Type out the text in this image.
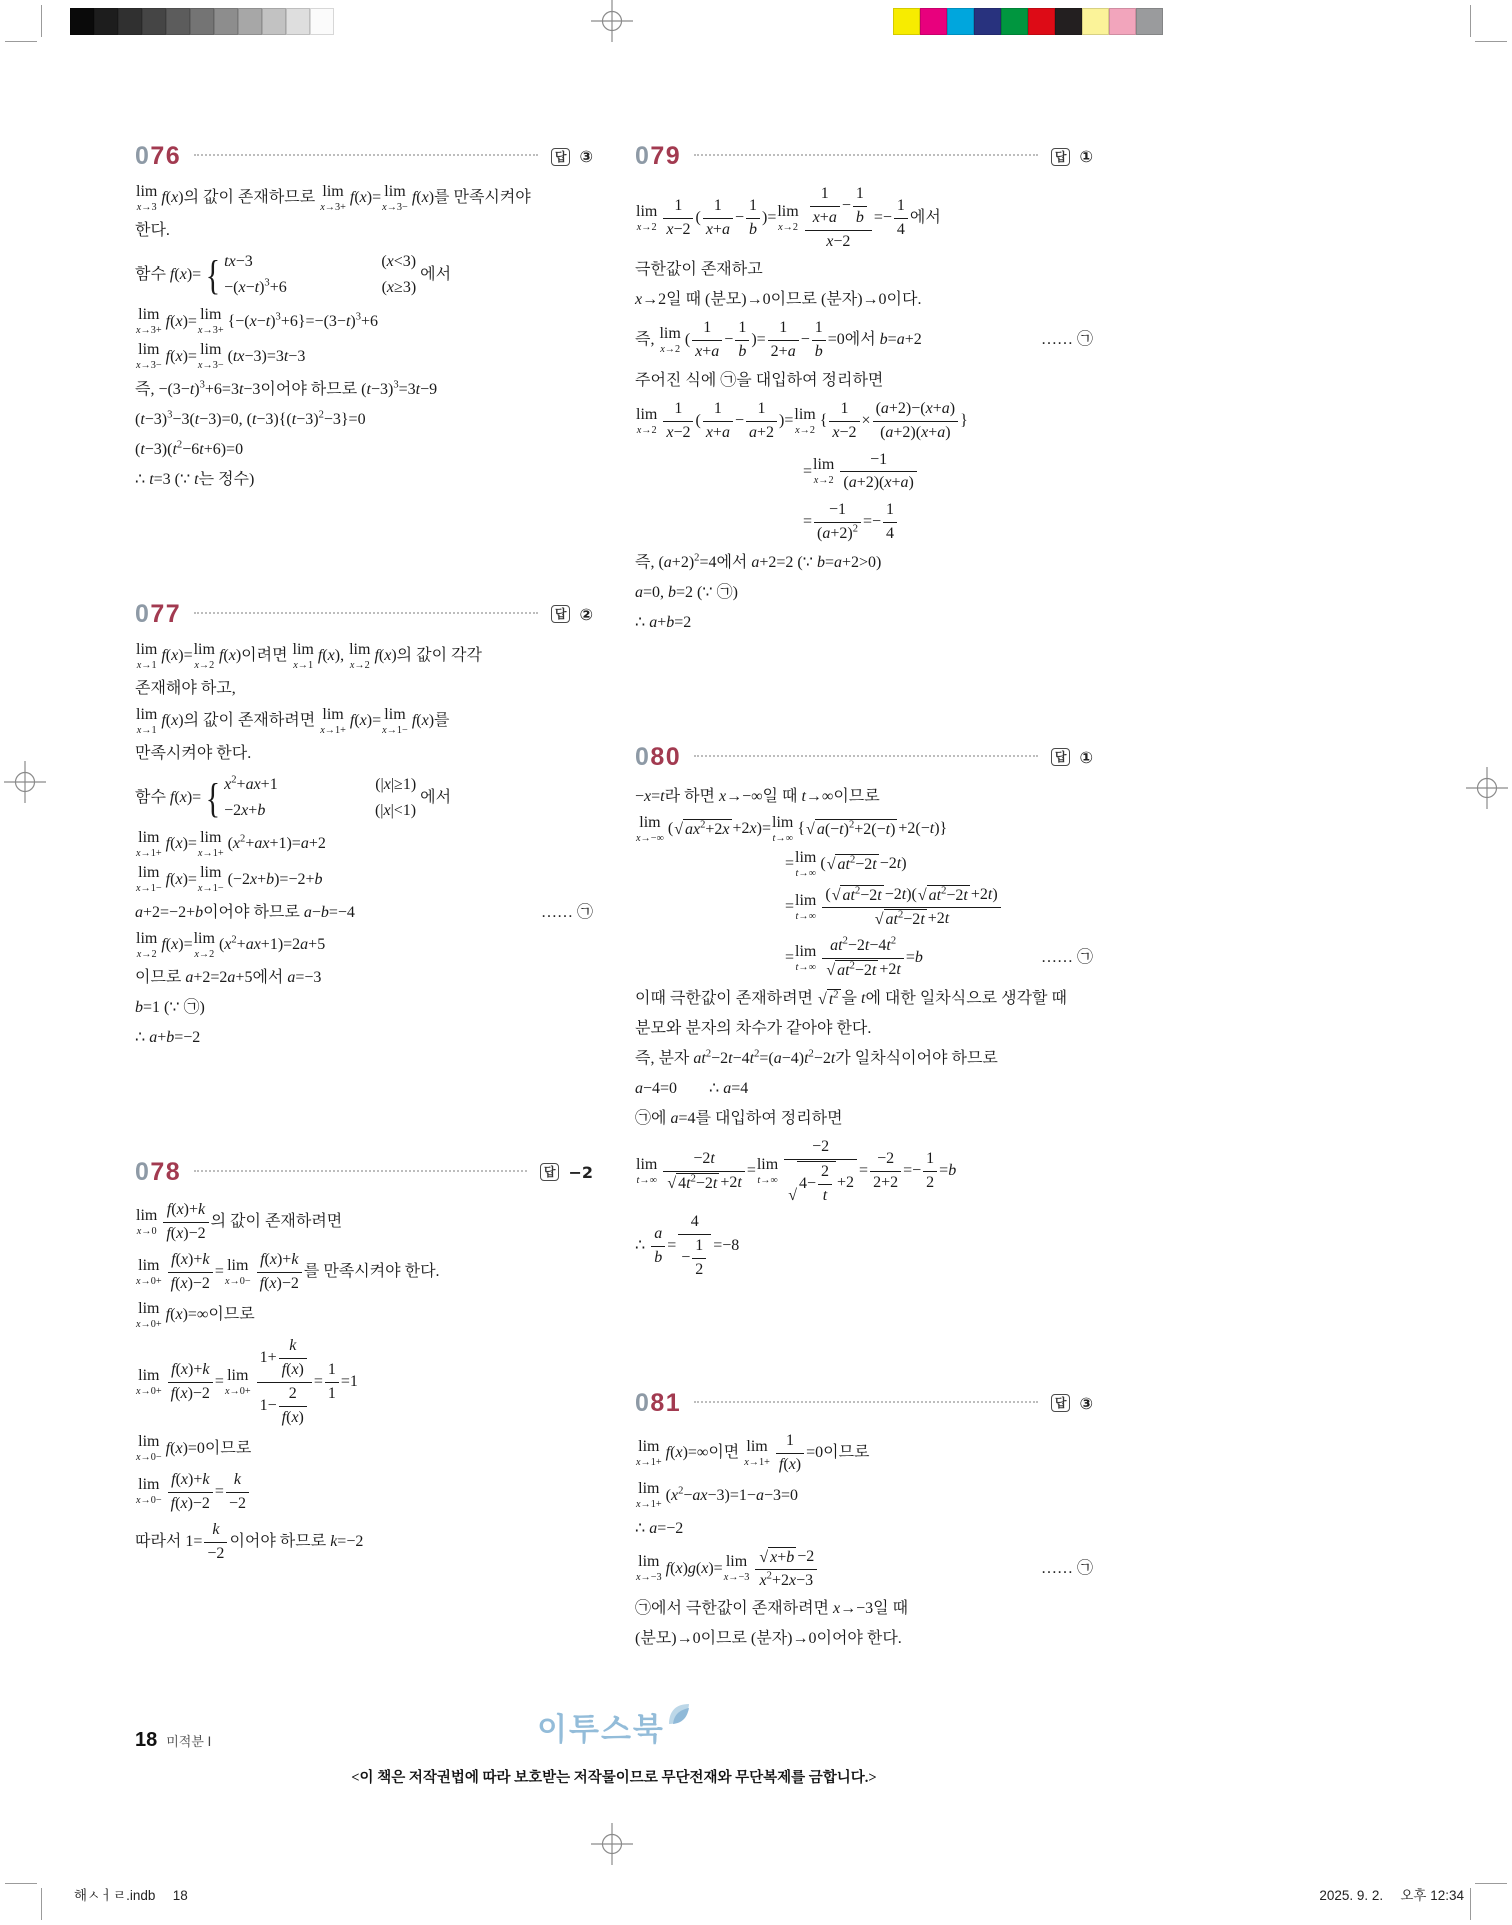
076	답 ③
lim
x→3
f(x)의 값이 존재하므로 lim
x→3+
f(x)= lim
x→3−
f(x)를 만족시켜야
한다.
함수 f(x)= { tx−3	(x<3)
$-(x-t)^3+6$	(x≥3)
에서
lim
x→3+
f(x)= lim
x→3+
$\{-(x-t)^3+6\}=-(3-t)^3+6$
lim
x→3−
f(x)= lim
x→3−
(tx−3)=3t−3
즉, $-(3-t)^3+6=3t-3$이어야 하므로 $(t-3)^3=3t-9$
$(t-3)^3-3(t-3)=0$, $(t-3)\{(t-3)^2-3\}=0$
$(t-3)(t^2-6t+6)=0$
∴ t=3 (∵ t는 정수)
077	답 ②
lim
x→1
f(x)= lim
x→2
f(x)이려면 lim
x→1
f(x), lim
x→2
f(x)의 값이 각각
존재해야 하고,
lim
x→1
f(x)의 값이 존재하려면 lim
x→1+
f(x)= lim
x→1−
f(x)를
만족시켜야 한다.
함수 f(x)= { $x^2+ax+1$	(|x|≥1)
−2x+b	(|x|<1)
에서
lim
x→1+
f(x)= lim
x→1+
$(x^2+ax+1)=a+2$
lim
x→1−
f(x)= lim
x→1−
(−2x+b)=−2+b
a+2=−2+b이어야 하므로 a−b=−4	…… ㉠
lim
x→2
f(x)= lim
x→2
$(x^2+ax+1)=2a+5$
이므로 a+2=2a+5에서 a=−3
b=1 (∵ ㉠)
∴ a+b=−2
078	답 −2
lim
$x\to 0 \frac{f(x)+k}{f(x)-2}$ 의 값이 존재하려면
lim
$x\to 0+ \frac{f(x)+k}{f(x)-2} = \lim$
$x\to 0- \frac{f(x)+k}{f(x)-2}$ 를 만족시켜야 한다.
lim
x→0+
f(x)=∞이므로
lim
$x\to 0+ \frac{f(x)+k}{f(x)-2} = \lim$
$x\to 0+ \frac{1+ \frac{k}{f(x)}}{1- \frac{2}{f(x)}} = \frac{1}{1} =1$
lim
x→0−
f(x)=0이므로
lim
$x\to 0- \frac{f(x)+k}{f(x)-2} = \frac{k}{-2}$
따라서 $1= \frac{k}{-2}$ 이어야 하므로 k=−2
079	답 ①
lim
$x\to 2 \frac{1}{x-2}$ ( $\frac{1}{x+a} - \frac{1}{b}$ )= lim
$x\to 2 \frac{\frac{1}{x+a} - \frac{1}{b}}{x-2} =- \frac{1}{4}$ 에서
극한값이 존재하고
x→2일 때 (분모)→0이므로 (분자)→0이다.
즉, lim
x→2
( $\frac{1}{x+a} - \frac{1}{b}$ )= $\frac{1}{2+a} - \frac{1}{b} =0$에서 b=a+2	…… ㉠
주어진 식에 ㉠을 대입하여 정리하면
lim
$x\to 2 \frac{1}{x-2}$ ( $\frac{1}{x+a} - \frac{1}{a+2}$ )= lim
x→2
{ $\frac{1}{x-2} \times \frac{(a+2)-(x+a)}{(a+2)(x+a)}$ }
= lim
$x\to 2 \frac{-1}{(a+2)(x+a)}$
= $\frac{-1}{(a+2)^2} =- \frac{1}{4}$
즉, $(a+2)^2=4$에서 a+2=2 (∵ b=a+2>0)
a=0, b=2 (∵ ㉠)
∴ a+b=2
080	답 ①
−x=t라 하면 x→−∞일 때 t→∞이므로
lim
x→−∞
( √ $ax^2+2x +2x)= \lim$
t→∞
{ √ $a(-t)^2+2(-t) +2(-t)$}
= lim
t→∞
( √ $at^2-2t -2t$)
= lim
$t\to\infty \frac{( √ at^2-2t -2t)( √ at^2-2t +2t)}{√ at^2-2t +2t}$
= lim
$t\to\infty \frac{at^2-2t-4t^2}{√ at^2-2t +2t} =b$	…… ㉠
이때 극한값이 존재하려면 √ $t^2$ 을 t에 대한 일차식으로 생각할 때
분모와 분자의 차수가 같아야 한다.
즉, 분자 $at^2-2t-4t^2=(a-4)t^2-2t$가 일차식이어야 하므로
a−4=0  ∴ a=4
㉠에 a=4를 대입하여 정리하면
lim
$t\to\infty \frac{-2t}{√ 4t^2-2t +2t} = \lim$
t→∞ −2
√
$4- \frac{2}{t} +2 = \frac{-2}{2+2} =- \frac{1}{2} =b$
∴ $\frac{a}{b} = \frac{4}{- \frac{1}{2}} =-8$
081	답 ③
lim
x→1+
f(x)=∞이면 lim
$x\to 1+ \frac{1}{f(x)} =0$이므로
lim
x→1+
$(x^2-ax-3)=1-a-3=0$
∴ a=−2
lim
x→−3
f(x)g(x)= lim
$x\to-3 \frac{√ x+b -2}{x^2+2x-3}$	…… ㉠
㉠에서 극한값이 존재하려면 x→−3일 때
(분모)→0이므로 (분자)→0이어야 한다.
18 미적분 Ⅰ	이투스북
<이 책은 저작권법에 따라 보호받는 저작물이므로 무단전재와 무단복제를 금합니다.>
해ㅅㅓㄹ.indb  18	2025. 9. 2.  오후 12:34
